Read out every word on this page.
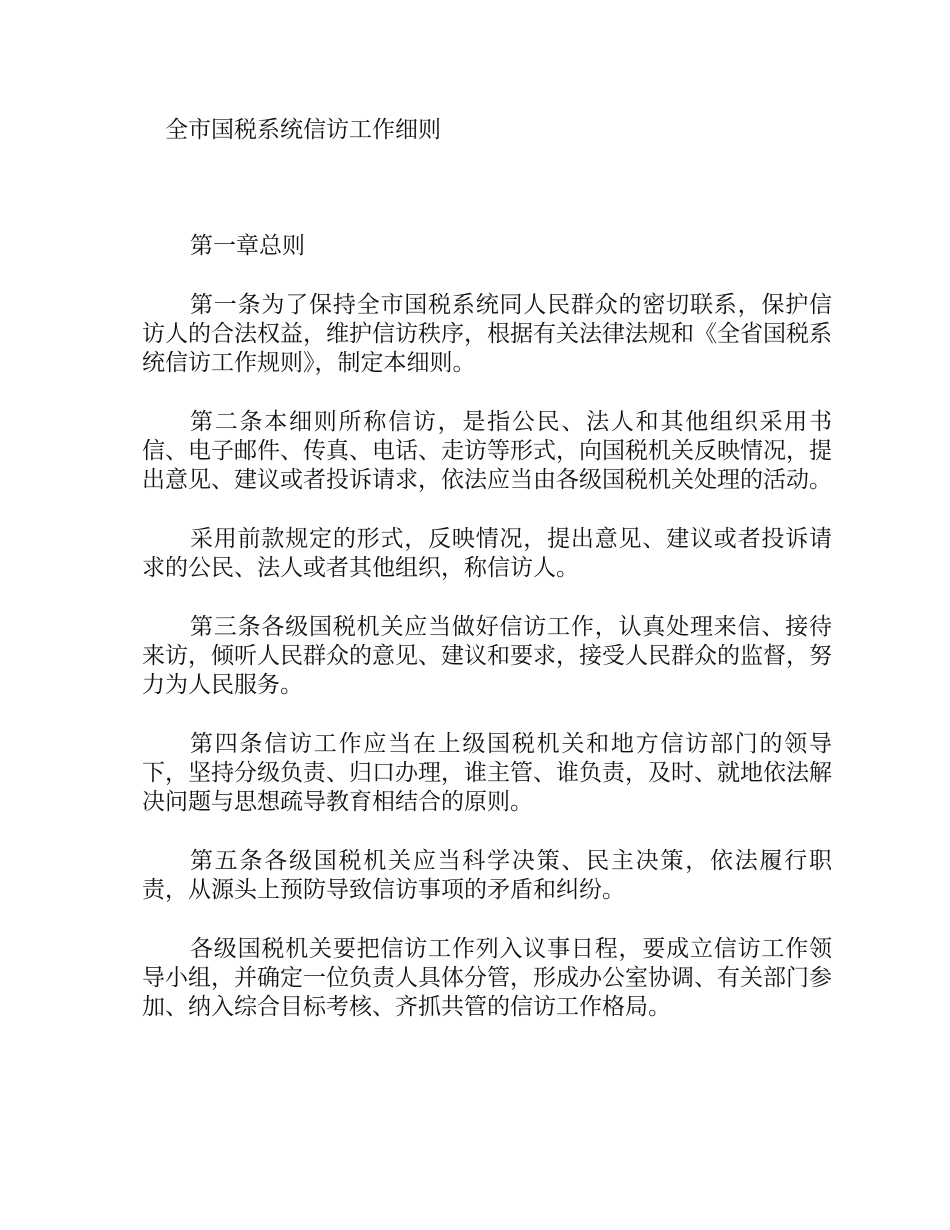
全市国税系统信访工作细则

第一章总则

第一条为了保持全市国税系统同人民群众的密切联系，保护信访人的合法权益，维护信访秩序，根据有关法律法规和《全省国税系统信访工作规则》，制定本细则。

第二条本细则所称信访，是指公民、法人和其他组织采用书信、电子邮件、传真、电话、走访等形式，向国税机关反映情况，提出意见、建议或者投诉请求，依法应当由各级国税机关处理的活动。

采用前款规定的形式，反映情况，提出意见、建议或者投诉请求的公民、法人或者其他组织，称信访人。

第三条各级国税机关应当做好信访工作，认真处理来信、接待来访，倾听人民群众的意见、建议和要求，接受人民群众的监督，努力为人民服务。

第四条信访工作应当在上级国税机关和地方信访部门的领导下，坚持分级负责、归口办理，谁主管、谁负责，及时、就地依法解决问题与思想疏导教育相结合的原则。

第五条各级国税机关应当科学决策、民主决策，依法履行职责，从源头上预防导致信访事项的矛盾和纠纷。

各级国税机关要把信访工作列入议事日程，要成立信访工作领导小组，并确定一位负责人具体分管，形成办公室协调、有关部门参加、纳入综合目标考核、齐抓共管的信访工作格局。
